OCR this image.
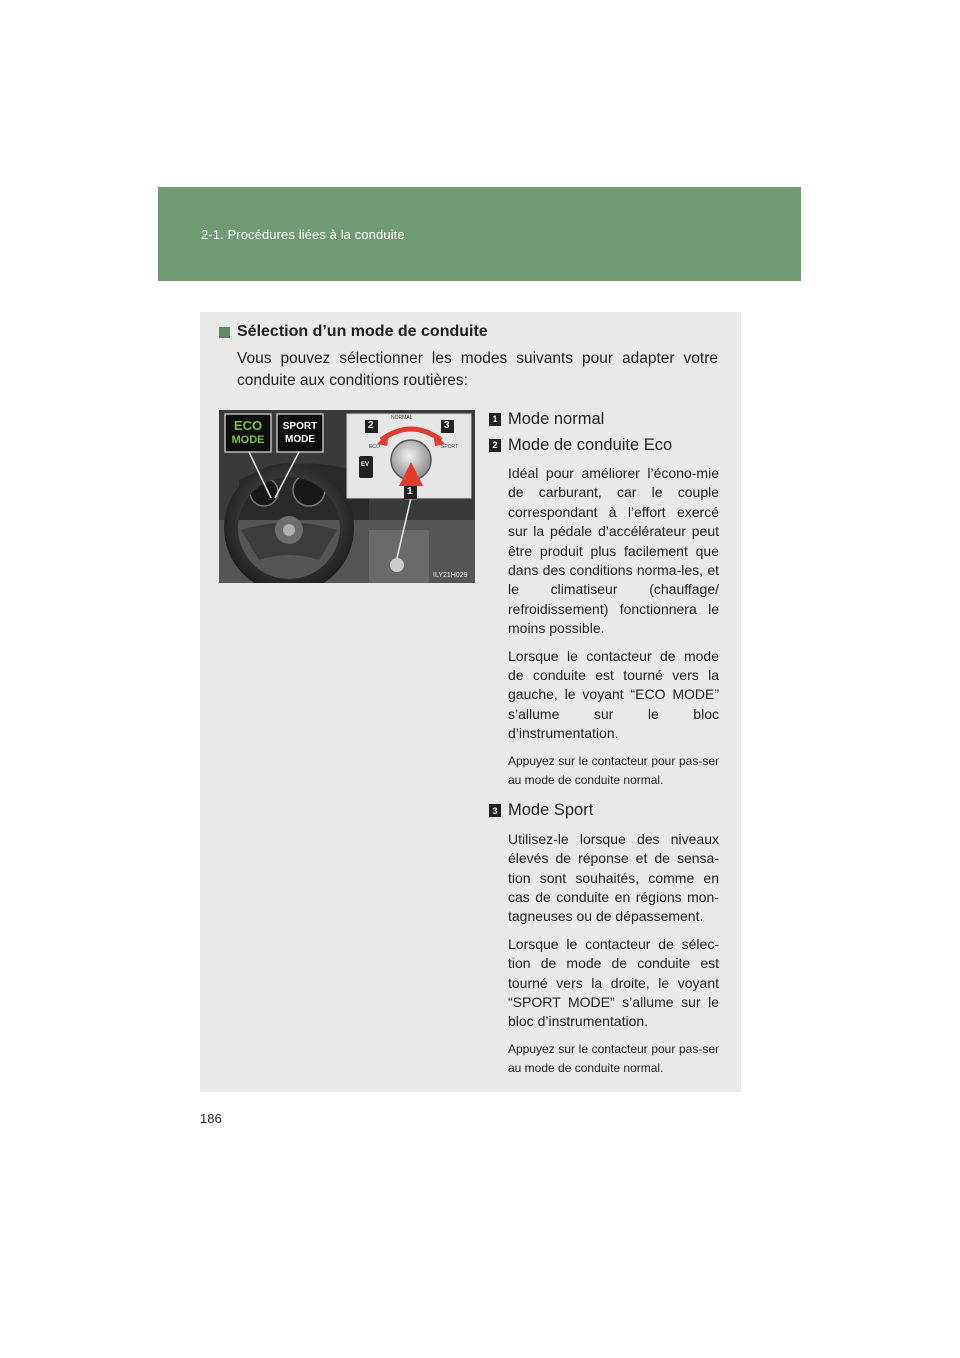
2-1. Procédures liées à la conduite
Sélection d’un mode de conduite
Vous pouvez sélectionner les modes suivants pour adapter votre conduite aux conditions routières:
ECO
MODE
SPORT
MODE
2	3
1
NORMAL
ECO	SPORT
EV
ILY21H029
1 Mode normal
2 Mode de conduite Eco
Idéal pour améliorer l’écono-mie de carburant, car le couple correspondant à l’effort exercé sur la pédale d’accélérateur peut être produit plus facilement que dans des conditions norma-les, et le climatiseur (chauffage/ refroidissement) fonctionnera le moins possible.
Lorsque le contacteur de mode de conduite est tourné vers la gauche, le voyant “ECO MODE” s’allume sur le bloc d’instrumentation.
Appuyez sur le contacteur pour pas-ser au mode de conduite normal.
3 Mode Sport
Utilisez-le lorsque des niveaux élevés de réponse et de sensa-tion sont souhaités, comme en cas de conduite en régions mon-tagneuses ou de dépassement.
Lorsque le contacteur de sélec-tion de mode de conduite est tourné vers la droite, le voyant “SPORT MODE” s’allume sur le bloc d’instrumentation.
Appuyez sur le contacteur pour pas-ser au mode de conduite normal.
186
